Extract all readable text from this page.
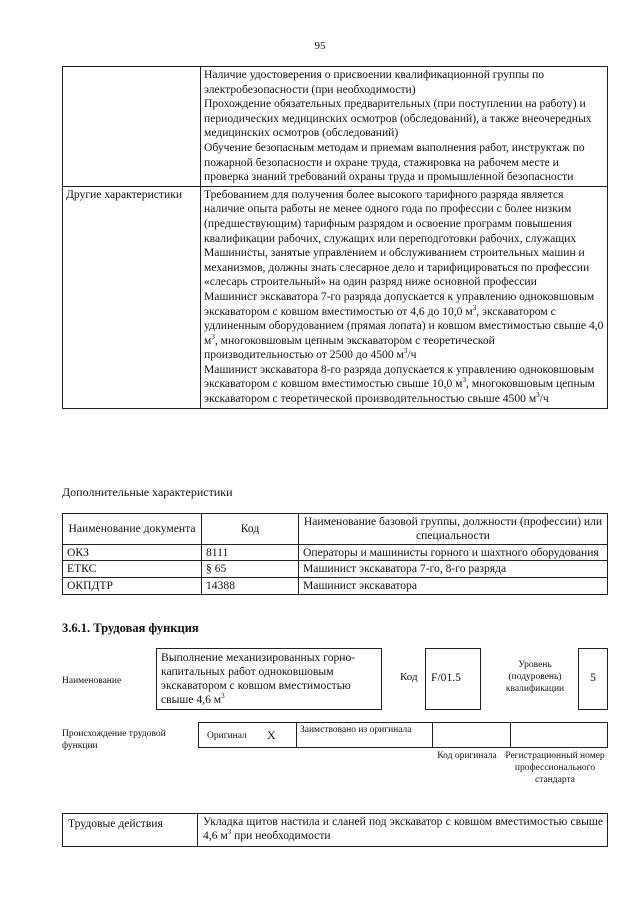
95

	Наличие удостоверения о присвоении квалификационной группы по электробезопасности (при необходимости)

Прохождение обязательных предварительных (при поступлении на работу) и периодических медицинских осмотров (обследований), а также внеочередных медицинских осмотров (обследований)

Обучение безопасным методам и приемам выполнения работ, инструктаж по пожарной безопасности и охране труда, стажировка на рабочем месте и проверка знаний требований охраны труда и промышленной безопасности

Другие характеристики	Требованием для получения более высокого тарифного разряда является наличие опыта работы не менее одного года по профессии с более низким (предшествующим) тарифным разрядом и освоение программ повышения квалификации рабочих, служащих или переподготовки рабочих, служащих

Машинисты, занятые управлением и обслуживанием строительных машин и механизмов, должны знать слесарное дело и тарифицироваться по профессии «слесарь строительный» на один разряд ниже основной профессии

Машинист экскаватора 7-го разряда допускается к управлению одноковшовым экскаватором с ковшом вместимостью от 4,6 до 10,0 $м^3$, экскаватором с удлиненным оборудованием (прямая лопата) и ковшом вместимостью свыше 4,0 $м^3$, многоковшовым цепным экскаватором с теоретической производительностью от 2500 до 4500 $м^3/ч$

Машинист экскаватора 8-го разряда допускается к управлению одноковшовым экскаватором с ковшом вместимостью свыше 10,0 $м^3$, многоковшовым цепным экскаватором с теоретической производительностью свыше 4500 $м^3/ч$

Дополнительные характеристики
Наименование документа	Код	Наименование базовой группы, должности (профессии) или специальности
ОКЗ	8111	Операторы и машинисты горного и шахтного оборудования
ЕТКС	§ 65	Машинист экскаватора 7-го, 8-го разряда
ОКПДТР	14388	Машинист экскаватора
3.6.1. Трудовая функция
Наименование
Выполнение механизированных горно-капитальных работ одноковшовым экскаватором с ковшом вместимостью свыше 4,6 $м^3$
Код	F/01.5
Уровень (подуровень) квалификации
5
Происхождение трудовой функции
Оригинал X	Заимствовано из оригинала
Код оригинала Регистрационный номер профессионального стандарта
Трудовые действия	Укладка щитов настила и сланей под экскаватор с ковшом вместимостью свыше 4,6 $м^3$ при необходимости
